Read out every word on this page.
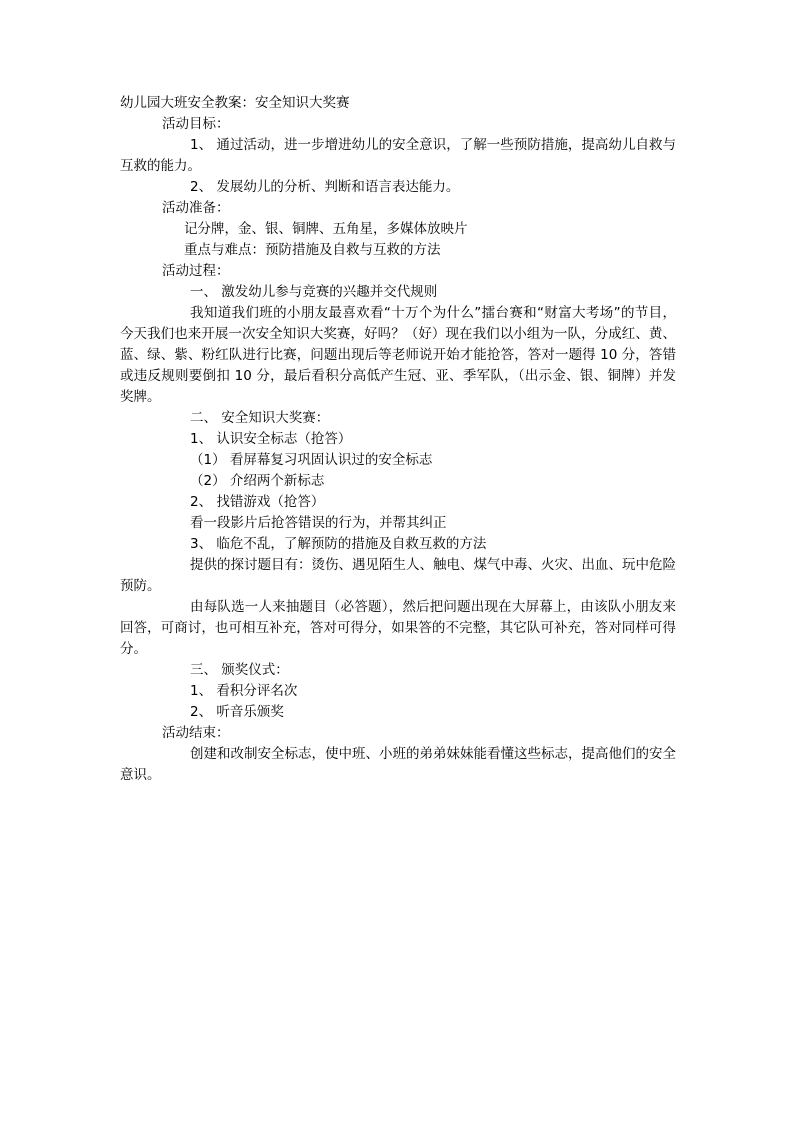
幼儿园大班安全教案：安全知识大奖赛

活动目标：

1、 通过活动，进一步增进幼儿的安全意识，了解一些预防措施，提高幼儿自救与互救的能力。

2、 发展幼儿的分析、判断和语言表达能力。

活动准备：

记分牌，金、银、铜牌、五角星，多媒体放映片

重点与难点：预防措施及自救与互救的方法

活动过程：

一、 激发幼儿参与竞赛的兴趣并交代规则

我知道我们班的小朋友最喜欢看“十万个为什么”擂台赛和“财富大考场”的节目，今天我们也来开展一次安全知识大奖赛，好吗？（好）现在我们以小组为一队，分成红、黄、蓝、绿、紫、粉红队进行比赛，问题出现后等老师说开始才能抢答，答对一题得 10 分，答错或违反规则要倒扣 10 分，最后看积分高低产生冠、亚、季军队，（出示金、银、铜牌）并发奖牌。

二、 安全知识大奖赛：

1、 认识安全标志（抢答）

（1） 看屏幕复习巩固认识过的安全标志

（2） 介绍两个新标志

2、 找错游戏（抢答）

看一段影片后抢答错误的行为，并帮其纠正

3、 临危不乱，了解预防的措施及自救互救的方法

提供的探讨题目有：烫伤、遇见陌生人、触电、煤气中毒、火灾、出血、玩中危险预防。

由每队选一人来抽题目（必答题），然后把问题出现在大屏幕上，由该队小朋友来回答，可商讨，也可相互补充，答对可得分，如果答的不完整，其它队可补充，答对同样可得分。

三、 颁奖仪式：

1、 看积分评名次

2、 听音乐颁奖

活动结束：

创建和改制安全标志，使中班、小班的弟弟妹妹能看懂这些标志，提高他们的安全意识。
